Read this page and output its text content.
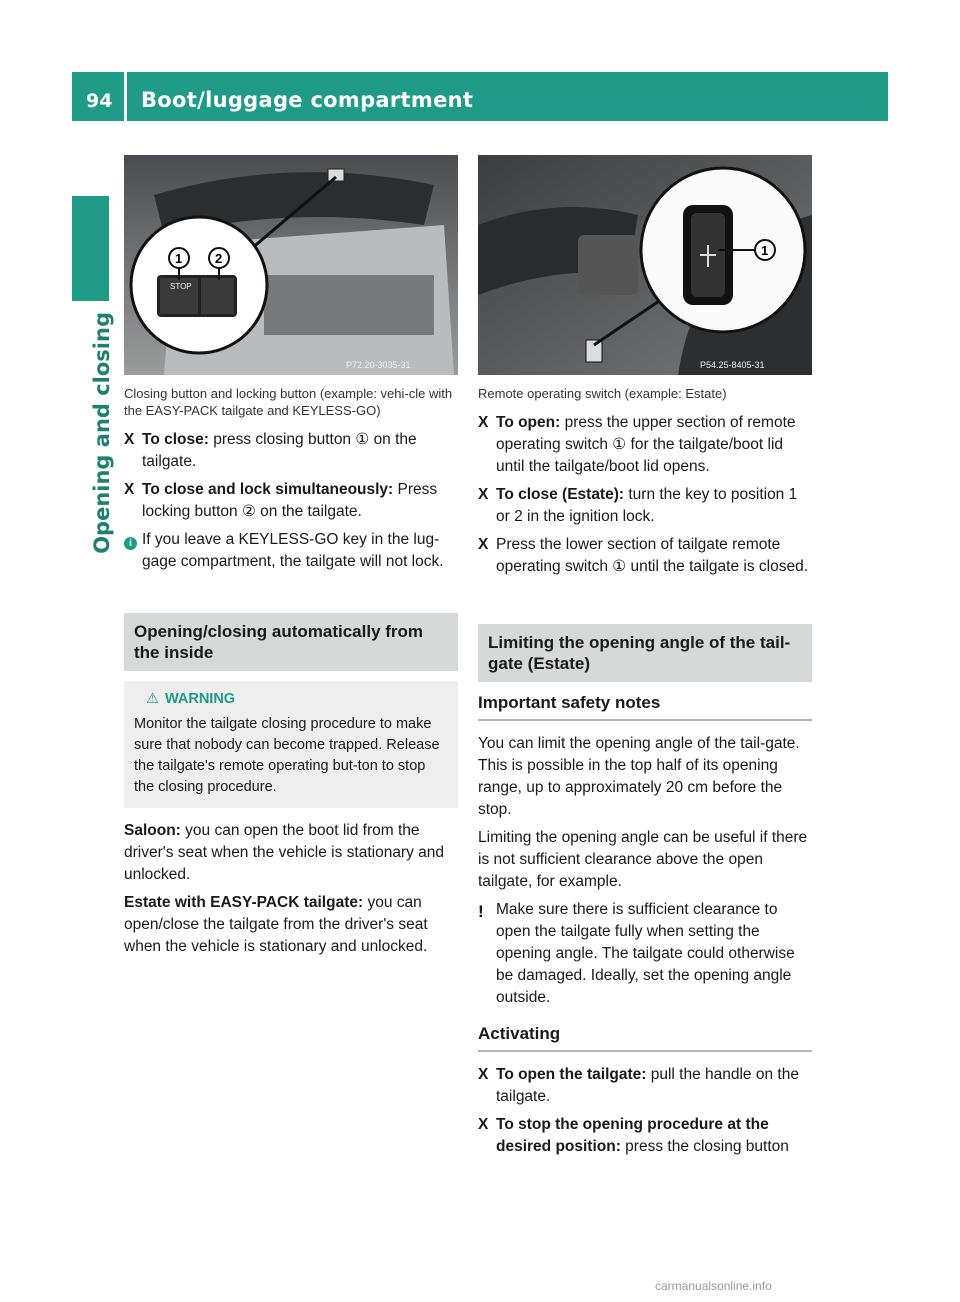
94 Boot/luggage compartment
Opening and closing
STOP
1	2
P72.20-3035-31

Closing button and locking button (example: vehi-cle with the EASY-PACK tailgate and KEYLESS-GO)

X To close: press closing button ① on the tailgate.
X To close and lock simultaneously: Press locking button ② on the tailgate.
i If you leave a KEYLESS-GO key in the lug-gage compartment, the tailgate will not lock.
Opening/closing automatically from the inside
⚠ WARNING
Monitor the tailgate closing procedure to make sure that nobody can become trapped. Release the tailgate's remote operating but-ton to stop the closing procedure.

Saloon: you can open the boot lid from the driver's seat when the vehicle is stationary and unlocked.

Estate with EASY-PACK tailgate: you can open/close the tailgate from the driver's seat when the vehicle is stationary and unlocked.

1
P54.25-8405-31

Remote operating switch (example: Estate)

X To open: press the upper section of remote operating switch ① for the tailgate/boot lid until the tailgate/boot lid opens.
X To close (Estate): turn the key to position 1 or 2 in the ignition lock.
X Press the lower section of tailgate remote operating switch ① until the tailgate is closed.
Limiting the opening angle of the tail-gate (Estate)

Important safety notes

You can limit the opening angle of the tail-gate. This is possible in the top half of its opening range, up to approximately 20 cm before the stop.

Limiting the opening angle can be useful if there is not sufficient clearance above the open tailgate, for example.

! Make sure there is sufficient clearance to open the tailgate fully when setting the opening angle. The tailgate could otherwise be damaged. Ideally, set the opening angle outside.

Activating

X To open the tailgate: pull the handle on the tailgate.
X To stop the opening procedure at the desired position: press the closing button
carmanualsonline.info
